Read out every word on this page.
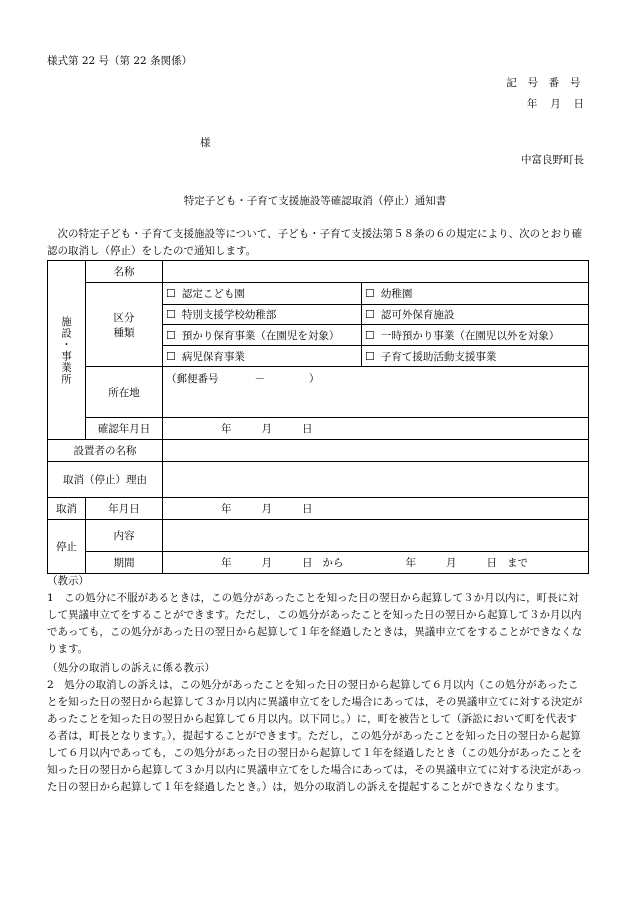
様式第 22 号（第 22 条関係）
記 号 番 号
年 月 日
様
中富良野町長
特定子ども・子育て支援施設等確認取消（停止）通知書
次の特定子ども・子育て支援施設等について、子ども・子育て支援法第５８条の６の規定により、次のとおり確認の取消し（停止）をしたので通知します。
施設・事業所	名称		

	区分
種類	☐ 認定こども園	☐ 幼稚園
		☐ 特別支援学校幼稚部	☐ 認可外保育施設
		☐ 預かり保育事業（在園児を対象）	☐ 一時預かり事業（在園児以外を対象）
		☐ 病児保育事業	☐ 子育て援助活動支援事業
	所在地	（郵便番号 － ）	
	確認年月日	年 月 日	
設置者の名称			
取消（停止）理由			
取消	年月日	年 月 日	
停止	内容		
	期間	年 月 日 から 年 月 日 まで	
（教示）
1　この処分に不服があるときは，この処分があったことを知った日の翌日から起算して３か月以内に，町長に対して異議申立てをすることができます。ただし，この処分があったことを知った日の翌日から起算して３か月以内であっても，この処分があった日の翌日から起算して１年を経過したときは，異議申立てをすることができなくなります。
（処分の取消しの訴えに係る教示）
2　処分の取消しの訴えは，この処分があったことを知った日の翌日から起算して６月以内（この処分があったことを知った日の翌日から起算して３か月以内に異議申立てをした場合にあっては，その異議申立てに対する決定があったことを知った日の翌日から起算して６月以内。以下同じ。）に，町を被告として（訴訟において町を代表する者は，町長となります。），提起することができます。ただし，この処分があったことを知った日の翌日から起算して６月以内であっても，この処分があった日の翌日から起算して１年を経過したとき（この処分があったことを知った日の翌日から起算して３か月以内に異議申立てをした場合にあっては，その異議申立てに対する決定があった日の翌日から起算して１年を経過したとき。）は，処分の取消しの訴えを提起することができなくなります。
